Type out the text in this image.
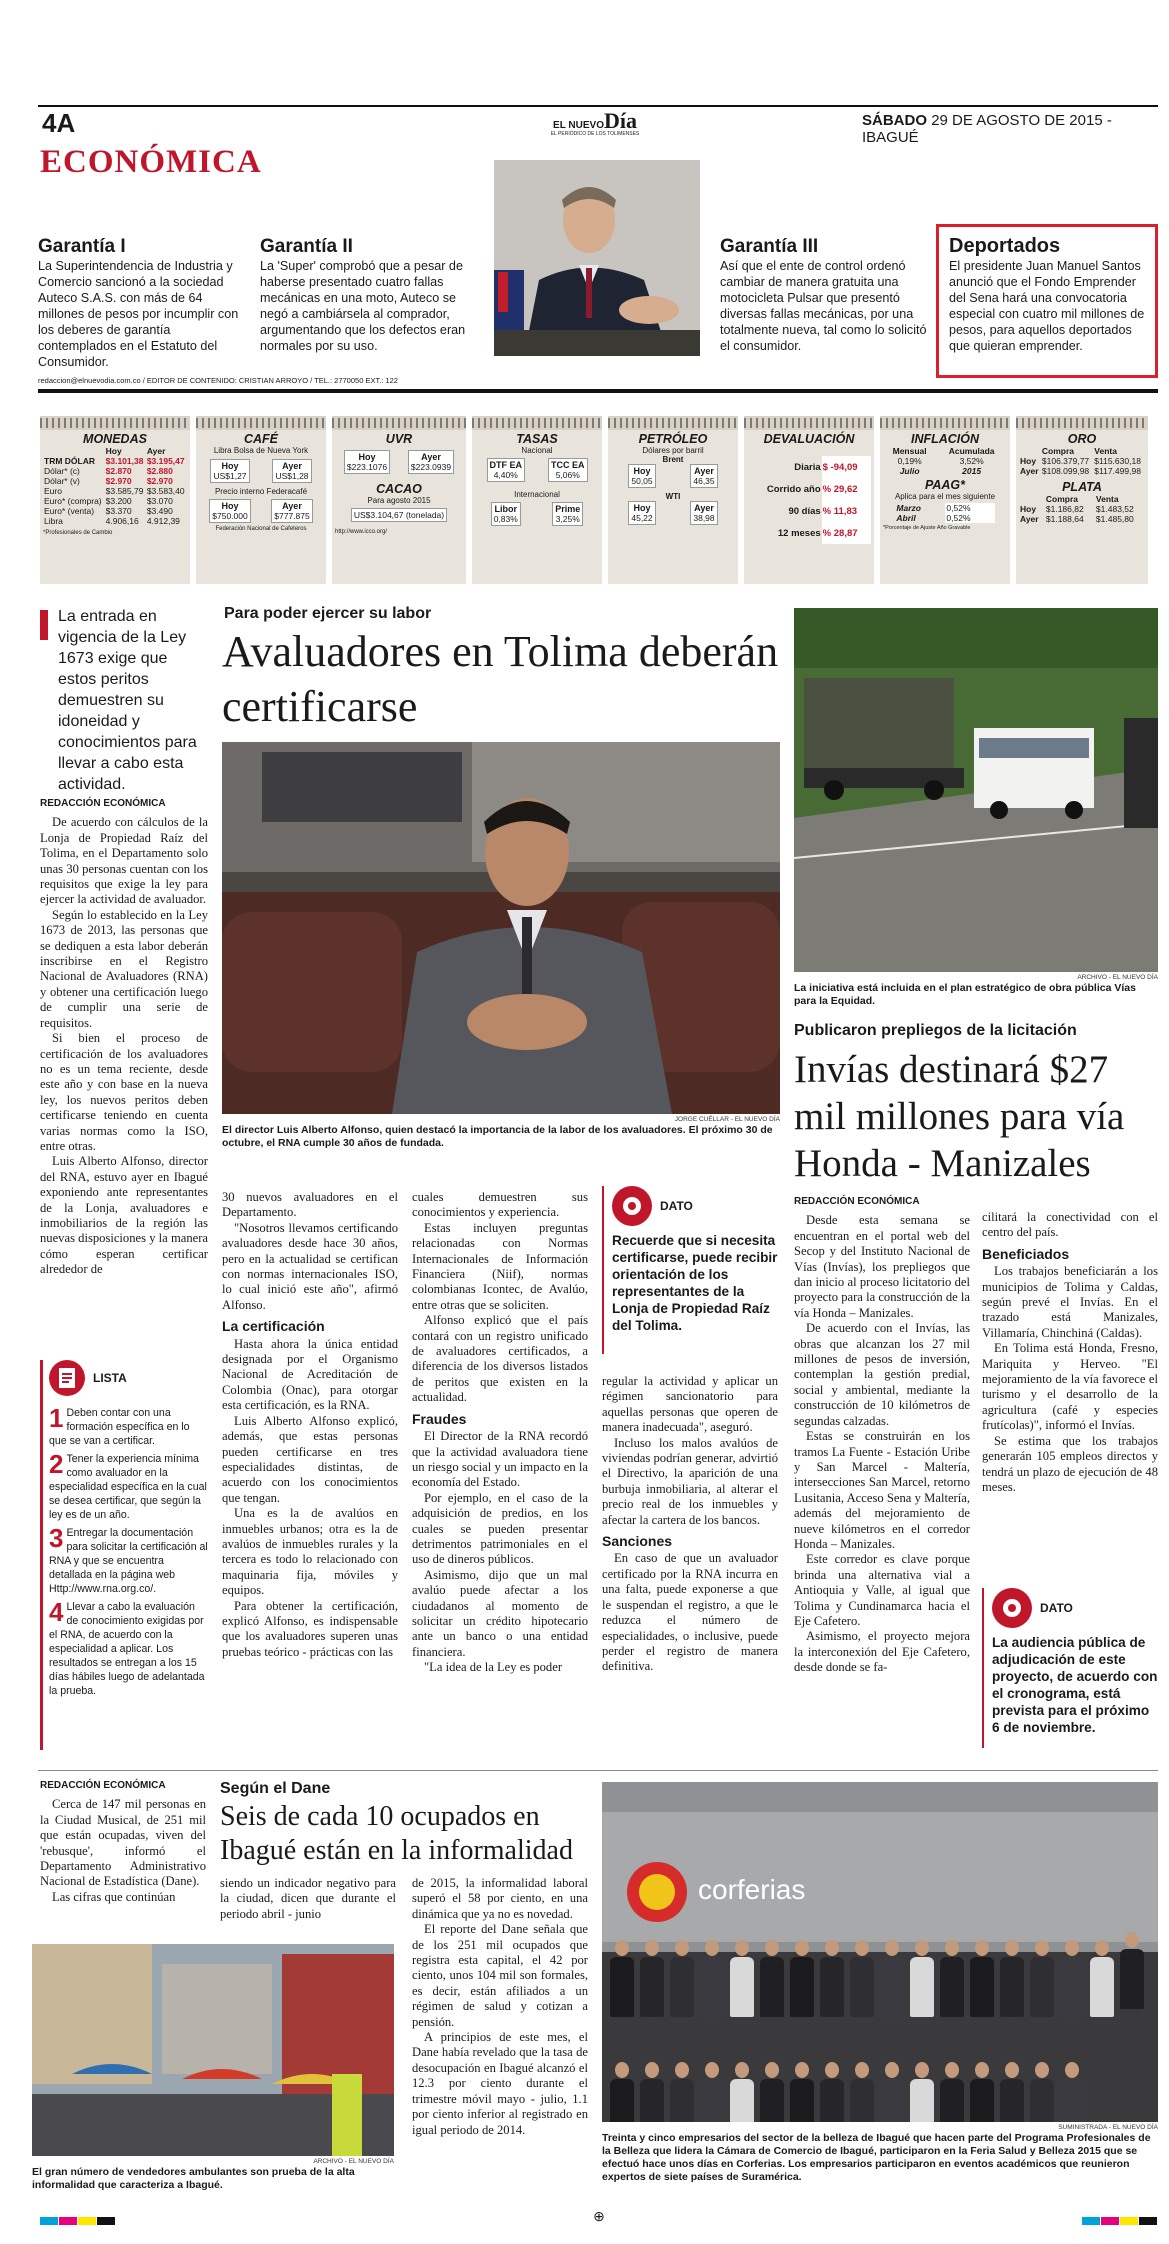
4A
ECONÓMICA
EL NUEVODía
EL PERIÓDICO DE LOS TOLIMENSES
SÁBADO 29 DE AGOSTO DE 2015 - IBAGUÉ
Garantía I
La Superintendencia de Industria y Comercio sancionó a la sociedad Auteco S.A.S. con más de 64 millones de pesos por incumplir con los deberes de garantía contemplados en el Estatuto del Consumidor.
Garantía II
La 'Super' comprobó que a pesar de haberse presentado cuatro fallas mecánicas en una moto, Auteco se negó a cambiársela al comprador, argumentando que los defectos eran normales por su uso.
Garantía III
Así que el ente de control ordenó cambiar de manera gratuita una motocicleta Pulsar que presentó diversas fallas mecánicas, por una totalmente nueva, tal como lo solicitó el consumidor.
Deportados
El presidente Juan Manuel Santos anunció que el Fondo Emprender del Sena hará una convocatoria especial con cuatro mil millones de pesos, para aquellos deportados que quieran emprender.
redaccion@elnuevodia.com.co / EDITOR DE CONTENIDO: CRISTIAN ARROYO / TEL.: 2770050 EXT.: 122
MONEDAS
	Hoy	Ayer
TRM DÓLAR	$3.101,38	$3.195,47
Dólar* (c)	$2.870	$2.880
Dólar* (v)	$2.970	$2.970
Euro	$3.585,79	$3.583,40
Euro* (compra)	$3.200	$3.070
Euro* (venta)	$3.370	$3.490
Libra	4.906,16	4.912,39
*Profesionales de Cambio
CAFÉ
Libra Bolsa de Nueva York
Hoy
US$1,27
Ayer
US$1,28
Precio interno Federacafé
Hoy
$750.000
Ayer
$777.875
Federación Nacional de Cafeteros
UVR
Hoy
$223.1076
Ayer
$223.0939
CACAO
Para agosto 2015
US$3.104,67 (tonelada)
http://www.icco.org/
TASAS
Nacional
DTF EA
4,40%
TCC EA
5,06%
Internacional
Libor
0,83%
Prime
3,25%
PETRÓLEO
Dólares por barril
Brent
Hoy
50,05
Ayer
46,35
WTI
Hoy
45,22
Ayer
38,98
DEVALUACIÓN
Diaria	$ -94,09
Corrido año	% 29,62
90 días	% 11,83
12 meses	% 28,87
INFLACIÓN
Mensual	Acumulada
0,19%	3,52%
Julio	2015
PAAG*
Aplica para el mes siguiente
Marzo	0,52%
Abril	0,52%
*Porcentaje de Ajuste Año Gravable
ORO
	Compra	Venta
Hoy	$106.379,77	$115.630,18
Ayer	$108.099,98	$117.499,98
PLATA
	Compra	Venta
Hoy	$1.186,82	$1.483,52
Ayer	$1.188,64	$1.485,80
La entrada en vigencia de la Ley 1673 exige que estos peritos demuestren su idoneidad y conocimientos para llevar a cabo esta actividad.
Para poder ejercer su labor
Avaluadores en Tolima deberán certificarse
JORGE CUÉLLAR - EL NUEVO DÍA
El director Luis Alberto Alfonso, quien destacó la importancia de la labor de los avaluadores. El próximo 30 de octubre, el RNA cumple 30 años de fundada.
REDACCIÓN ECONÓMICA

De acuerdo con cálculos de la Lonja de Propiedad Raíz del Tolima, en el Departamento solo unas 30 personas cuentan con los requisitos que exige la ley para ejercer la actividad de avaluador.

Según lo establecido en la Ley 1673 de 2013, las personas que se dediquen a esta labor deberán inscribirse en el Registro Nacional de Avaluadores (RNA) y obtener una certificación luego de cumplir una serie de requisitos.

Si bien el proceso de certificación de los avaluadores no es un tema reciente, desde este año y con base en la nueva ley, los nuevos peritos deben certificarse teniendo en cuenta varias normas como la ISO, entre otras.

Luis Alberto Alfonso, director del RNA, estuvo ayer en Ibagué exponiendo ante representantes de la Lonja, avaluadores e inmobiliarios de la región las nuevas disposiciones y la manera cómo esperan certificar alrededor de

LISTA
1 Deben contar con una formación específica en lo que se van a certificar.
2 Tener la experiencia mínima como avaluador en la especialidad específica en la cual se desea certificar, que según la ley es de un año.
3 Entregar la documentación para solicitar la certificación al RNA y que se encuentra detallada en la página web Http://www.rna.org.co/.
4 Llevar a cabo la evaluación de conocimiento exigidas por el RNA, de acuerdo con la especialidad a aplicar. Los resultados se entregan a los 15 días hábiles luego de adelantada la prueba.

30 nuevos avaluadores en el Departamento.

"Nosotros llevamos certificando avaluadores desde hace 30 años, pero en la actualidad se certifican con normas internacionales ISO, lo cual inició este año", afirmó Alfonso.

La certificación

Hasta ahora la única entidad designada por el Organismo Nacional de Acreditación de Colombia (Onac), para otorgar esta certificación, es la RNA.

Luis Alberto Alfonso explicó, además, que estas personas pueden certificarse en tres especialidades distintas, de acuerdo con los conocimientos que tengan.

Una es la de avalúos en inmuebles urbanos; otra es la de avalúos de inmuebles rurales y la tercera es todo lo relacionado con maquinaria fija, móviles y equipos.

Para obtener la certificación, explicó Alfonso, es indispensable que los avaluadores superen unas pruebas teórico - prácticas con las

cuales demuestren sus conocimientos y experiencia.

Estas incluyen preguntas relacionadas con Normas Internacionales de Información Financiera (Niif), normas colombianas Icontec, de Avalúo, entre otras que se soliciten.

Alfonso explicó que el país contará con un registro unificado de avaluadores certificados, a diferencia de los diversos listados de peritos que existen en la actualidad.

Fraudes

El Director de la RNA recordó que la actividad avaluadora tiene un riesgo social y un impacto en la economía del Estado.

Por ejemplo, en el caso de la adquisición de predios, en los cuales se pueden presentar detrimentos patrimoniales en el uso de dineros públicos.

Asimismo, dijo que un mal avalúo puede afectar a los ciudadanos al momento de solicitar un crédito hipotecario ante un banco o una entidad financiera.

"La idea de la Ley es poder

DATO
Recuerde que si necesita certificarse, puede recibir orientación de los representantes de la Lonja de Propiedad Raíz del Tolima.

regular la actividad y aplicar un régimen sancionatorio para aquellas personas que operen de manera inadecuada", aseguró.

Incluso los malos avalúos de viviendas podrían generar, advirtió el Directivo, la aparición de una burbuja inmobiliaria, al alterar el precio real de los inmuebles y afectar la cartera de los bancos.

Sanciones

En caso de que un avaluador certificado por la RNA incurra en una falta, puede exponerse a que le suspendan el registro, a que le reduzca el número de especialidades, o inclusive, puede perder el registro de manera definitiva.

ARCHIVO - EL NUEVO DÍA
La iniciativa está incluida en el plan estratégico de obra pública Vías para la Equidad.
Publicaron prepliegos de la licitación
Invías destinará $27 mil millones para vía Honda - Manizales
REDACCIÓN ECONÓMICA

Desde esta semana se encuentran en el portal web del Secop y del Instituto Nacional de Vías (Invías), los prepliegos que dan inicio al proceso licitatorio del proyecto para la construcción de la vía Honda – Manizales.

De acuerdo con el Invías, las obras que alcanzan los 27 mil millones de pesos de inversión, contemplan la gestión predial, social y ambiental, mediante la construcción de 10 kilómetros de segundas calzadas.

Estas se construirán en los tramos La Fuente - Estación Uribe y San Marcel - Maltería, intersecciones San Marcel, retorno Lusitania, Acceso Sena y Maltería, además del mejoramiento de nueve kilómetros en el corredor Honda – Manizales.

Este corredor es clave porque brinda una alternativa vial a Antioquia y Valle, al igual que Tolima y Cundinamarca hacia el Eje Cafetero.

Asimismo, el proyecto mejora la interconexión del Eje Cafetero, desde donde se fa-

cilitará la conectividad con el centro del país.

Beneficiados

Los trabajos beneficiarán a los municipios de Tolima y Caldas, según prevé el Invías. En el trazado está Manizales, Villamaría, Chinchiná (Caldas).

En Tolima está Honda, Fresno, Mariquita y Herveo. "El mejoramiento de la vía favorece el turismo y el desarrollo de la agricultura (café y especies frutícolas)", informó el Invías.

Se estima que los trabajos generarán 105 empleos directos y tendrá un plazo de ejecución de 48 meses.

DATO
La audiencia pública de adjudicación de este proyecto, de acuerdo con el cronograma, está prevista para el próximo 6 de noviembre.
REDACCIÓN ECONÓMICA

Cerca de 147 mil personas en la Ciudad Musical, de 251 mil que están ocupadas, viven del 'rebusque', informó el Departamento Administrativo Nacional de Estadística (Dane).

Las cifras que continúan

Según el Dane
Seis de cada 10 ocupados en Ibagué están en la informalidad

siendo un indicador negativo para la ciudad, dicen que durante el periodo abril - junio

de 2015, la informalidad laboral superó el 58 por ciento, en una dinámica que ya no es novedad.

El reporte del Dane señala que de los 251 mil ocupados que registra esta capital, el 42 por ciento, unos 104 mil son formales, es decir, están afiliados a un régimen de salud y cotizan a pensión.

A principios de este mes, el Dane había revelado que la tasa de desocupación en Ibagué alcanzó el 12.3 por ciento durante el trimestre móvil mayo - julio, 1.1 por ciento inferior al registrado en igual periodo de 2014.

ARCHIVO - EL NUEVO DÍA
El gran número de vendedores ambulantes son prueba de la alta informalidad que caracteriza a Ibagué.
corferias
SUMINISTRADA - EL NUEVO DÍA
Treinta y cinco empresarios del sector de la belleza de Ibagué que hacen parte del Programa Profesionales de la Belleza que lidera la Cámara de Comercio de Ibagué, participaron en la Feria Salud y Belleza 2015 que se efectuó hace unos días en Corferias. Los empresarios participaron en eventos académicos que reunieron expertos de siete países de Suramérica.
⊕
